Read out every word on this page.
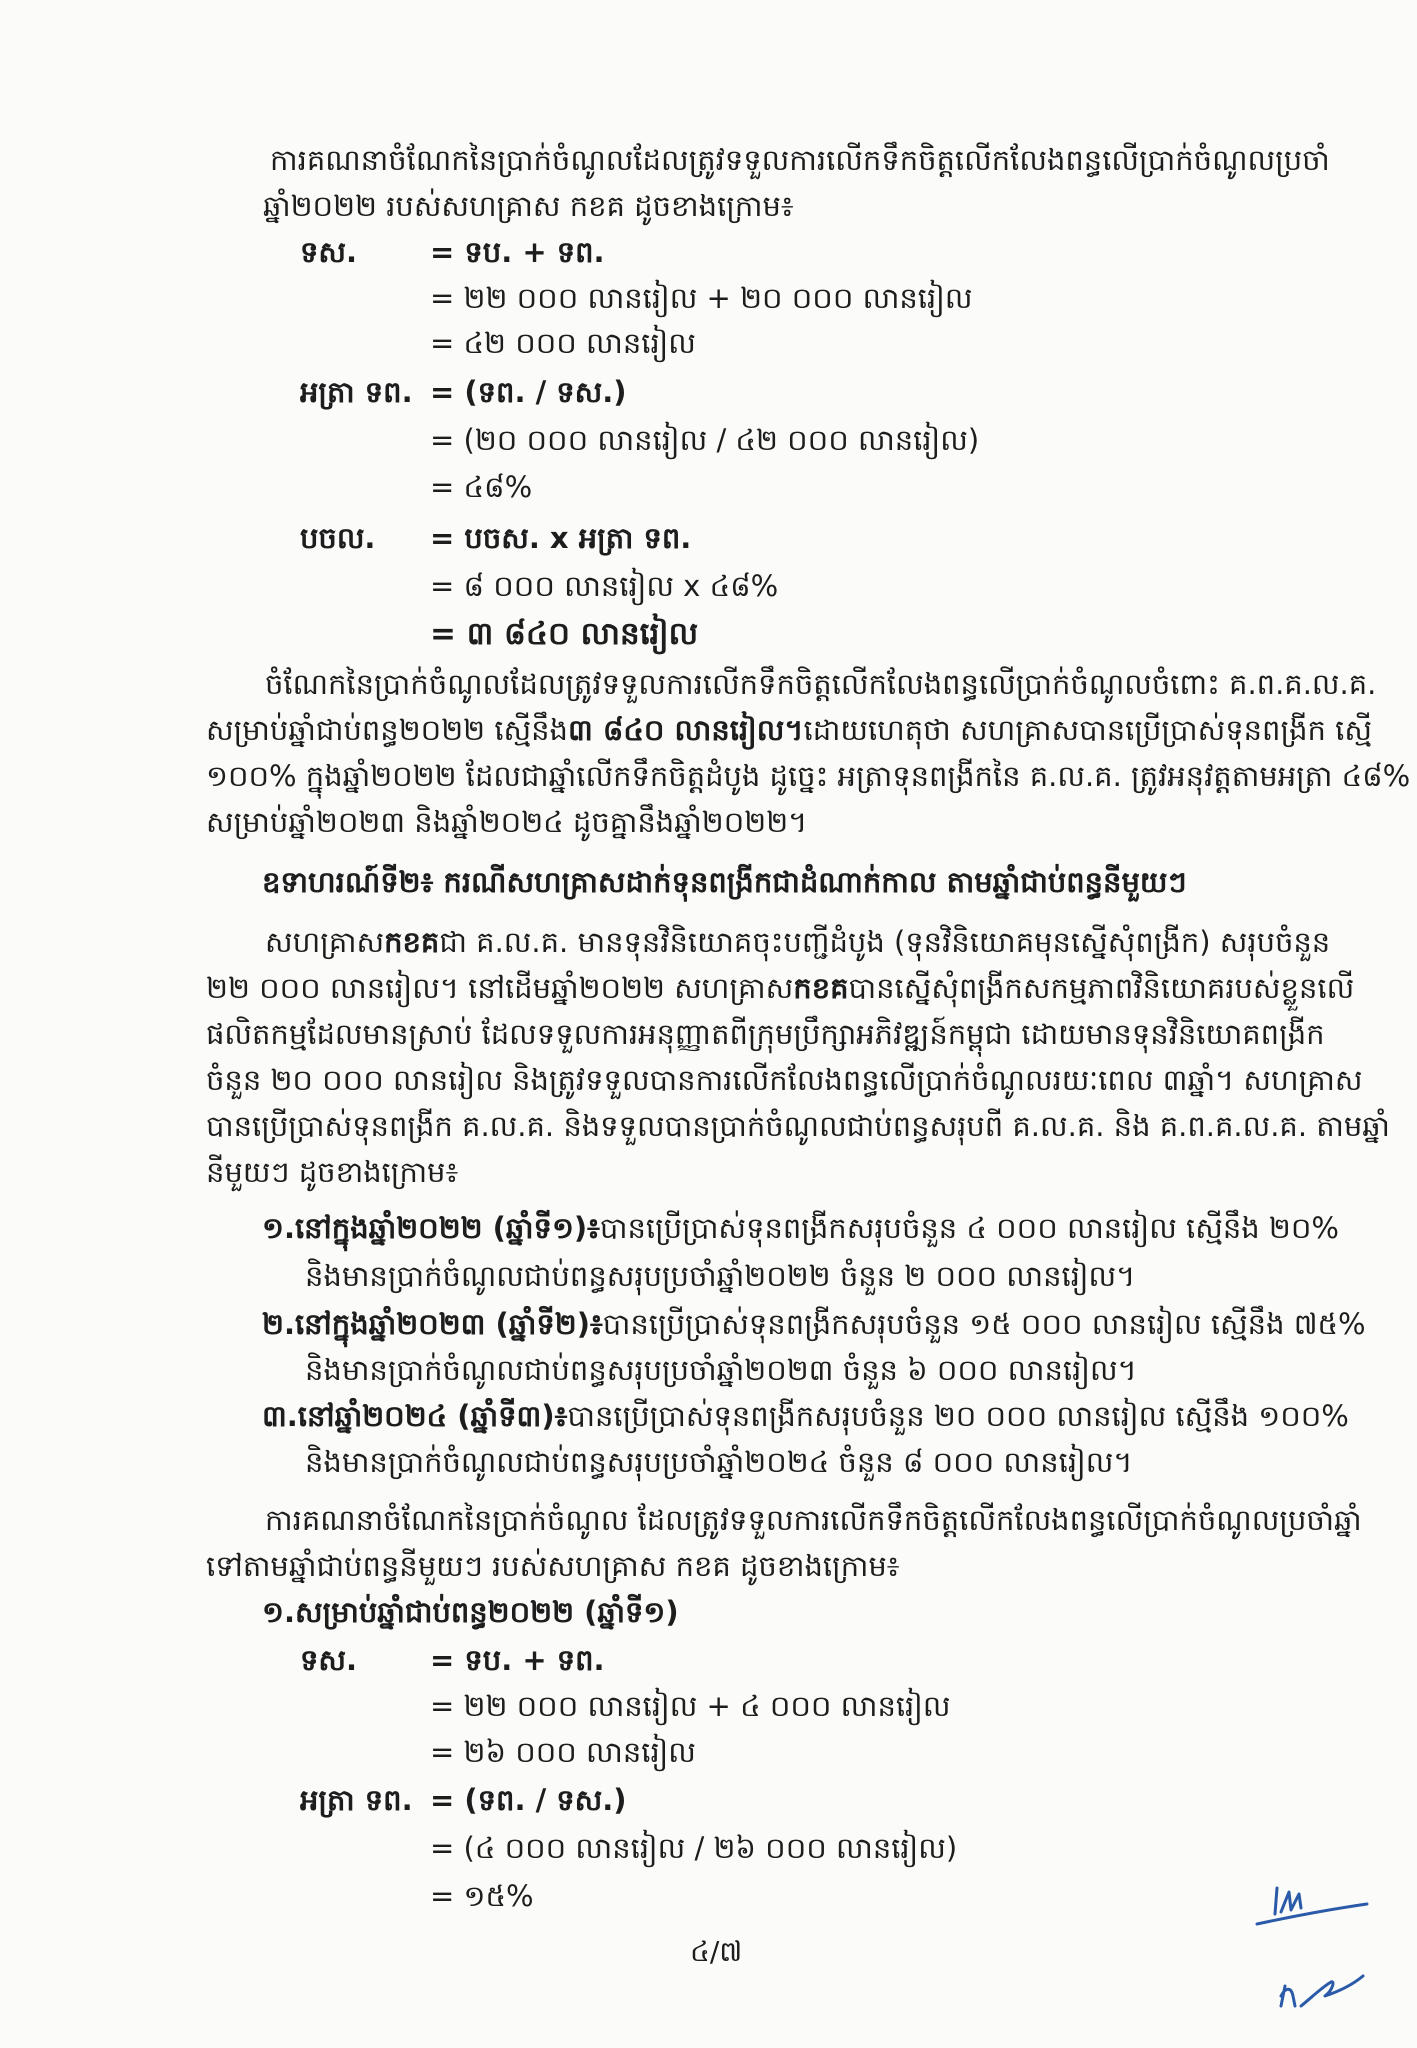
ការគណនាចំណែកនៃប្រាក់ចំណូលដែលត្រូវទទួលការលើកទឹកចិត្តលើកលែងពន្ធលើប្រាក់ចំណូលប្រចាំ
ឆ្នាំ២០២២ របស់សហគ្រាស កខគ ដូចខាងក្រោម៖
ទស.	= ទប. + ទព.
= ២២ ០០០ លានរៀល + ២០ ០០០ លានរៀល
= ៤២ ០០០ លានរៀល
អត្រា ទព. = (ទព. / ទស.)
= (២០ ០០០ លានរៀល / ៤២ ០០០ លានរៀល)
= ៤៨%
បចល. = បចស. x អត្រា ទព.
= ៨ ០០០ លានរៀល x ៤៨%
= ៣ ៨៤០ លានរៀល
ចំណែកនៃប្រាក់ចំណូលដែលត្រូវទទួលការលើកទឹកចិត្តលើកលែងពន្ធលើប្រាក់ចំណូលចំពោះ គ.ព.គ.ល.គ.
សម្រាប់ឆ្នាំជាប់ពន្ធ២០២២ ស្មើនឹង ៣ ៨៤០ លានរៀល។ ដោយហេតុថា សហគ្រាសបានប្រើប្រាស់ទុនពង្រីក ស្មើ
១០០% ក្នុងឆ្នាំ២០២២ ដែលជាឆ្នាំលើកទឹកចិត្តដំបូង ដូច្នេះ អត្រាទុនពង្រីកនៃ គ.ល.គ. ត្រូវអនុវត្តតាមអត្រា ៤៨%
សម្រាប់ឆ្នាំ២០២៣ និងឆ្នាំ២០២៤ ដូចគ្នានឹងឆ្នាំ២០២២។
ឧទាហរណ៍ទី២៖ ករណីសហគ្រាសដាក់ទុនពង្រីកជាដំណាក់កាល តាមឆ្នាំជាប់ពន្ធនីមួយៗ
សហគ្រាស កខគ ជា គ.ល.គ. មានទុនវិនិយោគចុះបញ្ជីដំបូង (ទុនវិនិយោគមុនស្នើសុំពង្រីក) សរុបចំនួន
២២ ០០០ លានរៀល។ នៅដើមឆ្នាំ២០២២ សហគ្រាស កខគ បានស្នើសុំពង្រីកសកម្មភាពវិនិយោគរបស់ខ្លួនលើ
ផលិតកម្មដែលមានស្រាប់ ដែលទទួលការអនុញ្ញាតពីក្រុមប្រឹក្សាអភិវឌ្ឍន៍កម្ពុជា ដោយមានទុនវិនិយោគពង្រីក
ចំនួន ២០ ០០០ លានរៀល និងត្រូវទទួលបានការលើកលែងពន្ធលើប្រាក់ចំណូលរយៈពេល ៣ឆ្នាំ។ សហគ្រាស
បានប្រើប្រាស់ទុនពង្រីក គ.ល.គ. និងទទួលបានប្រាក់ចំណូលជាប់ពន្ធសរុបពី គ.ល.គ. និង គ.ព.គ.ល.គ. តាមឆ្នាំ
នីមួយៗ ដូចខាងក្រោម៖
១.នៅក្នុងឆ្នាំ២០២២ (ឆ្នាំទី១)៖ បានប្រើប្រាស់ទុនពង្រីកសរុបចំនួន ៤ ០០០ លានរៀល ស្មើនឹង ២០%
និងមានប្រាក់ចំណូលជាប់ពន្ធសរុបប្រចាំឆ្នាំ២០២២ ចំនួន ២ ០០០ លានរៀល។
២.នៅក្នុងឆ្នាំ២០២៣ (ឆ្នាំទី២)៖ បានប្រើប្រាស់ទុនពង្រីកសរុបចំនួន ១៥ ០០០ លានរៀល ស្មើនឹង ៧៥%
និងមានប្រាក់ចំណូលជាប់ពន្ធសរុបប្រចាំឆ្នាំ២០២៣ ចំនួន ៦ ០០០ លានរៀល។
៣.នៅឆ្នាំ២០២៤ (ឆ្នាំទី៣)៖ បានប្រើប្រាស់ទុនពង្រីកសរុបចំនួន ២០ ០០០ លានរៀល ស្មើនឹង ១០០%
និងមានប្រាក់ចំណូលជាប់ពន្ធសរុបប្រចាំឆ្នាំ២០២៤ ចំនួន ៨ ០០០ លានរៀល។
ការគណនាចំណែកនៃប្រាក់ចំណូល ដែលត្រូវទទួលការលើកទឹកចិត្តលើកលែងពន្ធលើប្រាក់ចំណូលប្រចាំឆ្នាំ
ទៅតាមឆ្នាំជាប់ពន្ធនីមួយៗ របស់សហគ្រាស កខគ ដូចខាងក្រោម៖
១.សម្រាប់ឆ្នាំជាប់ពន្ធ២០២២ (ឆ្នាំទី១)
ទស.	= ទប. + ទព.
= ២២ ០០០ លានរៀល + ៤ ០០០ លានរៀល
= ២៦ ០០០ លានរៀល
អត្រា ទព. = (ទព. / ទស.)
= (៤ ០០០ លានរៀល / ២៦ ០០០ លានរៀល)
= ១៥%
៤/៧
